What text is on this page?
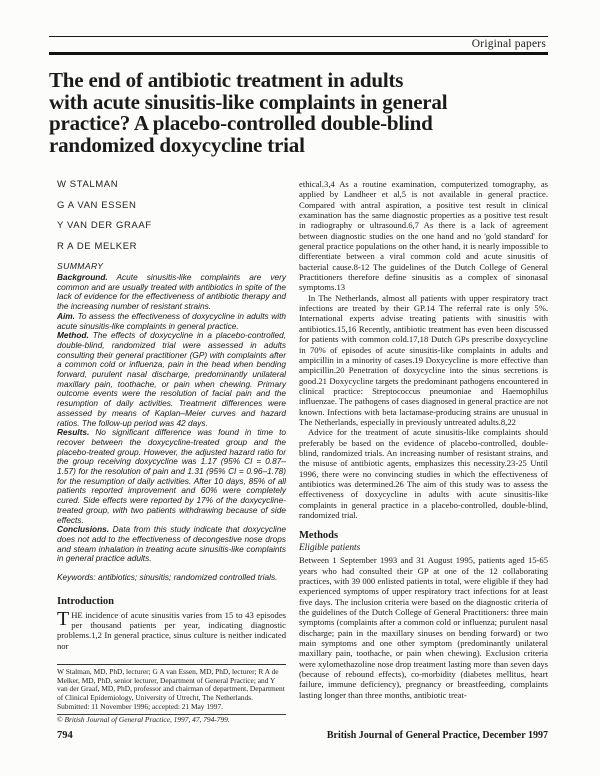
Original papers
The end of antibiotic treatment in adults
with acute sinusitis-like complaints in general
practice? A placebo-controlled double-blind
randomized doxycycline trial
W STALMAN
G A VAN ESSEN
Y VAN DER GRAAF
R A DE MELKER
SUMMARY

Background. Acute sinusitis-like complaints are very common and are usually treated with antibiotics in spite of the lack of evidence for the effectiveness of antibiotic therapy and the increasing number of resistant strains.

Aim. To assess the effectiveness of doxycycline in adults with acute sinusitis-like complaints in general practice.

Method. The effects of doxycycline in a placebo-controlled, double-blind, randomized trial were assessed in adults consulting their general practitioner (GP) with complaints after a common cold or influenza, pain in the head when bending forward, purulent nasal discharge, predominantly unilateral maxillary pain, toothache, or pain when chewing. Primary outcome events were the resolution of facial pain and the resumption of daily activities. Treatment differences were assessed by means of Kaplan–Meier curves and hazard ratios. The follow-up period was 42 days.

Results. No significant difference was found in time to recover between the doxycycline-treated group and the placebo-treated group. However, the adjusted hazard ratio for the group receiving doxycycline was 1.17 (95% CI = 0.87–1.57) for the resolution of pain and 1.31 (95% CI = 0.96–1.78) for the resumption of daily activities. After 10 days, 85% of all patients reported improvement and 60% were completely cured. Side effects were reported by 17% of the doxycycline-treated group, with two patients withdrawing because of side effects.

Conclusions. Data from this study indicate that doxycycline does not add to the effectiveness of decongestive nose drops and steam inhalation in treating acute sinusitis-like complaints in general practice adults.

Keywords: antibiotics; sinusitis; randomized controlled trials.

Introduction

THE incidence of acute sinusitis varies from 15 to 43 episodes per thousand patients per year, indicating diagnostic problems.1,2 In general practice, sinus culture is neither indicated nor

W Stalman, MD, PhD, lecturer; G A van Essen, MD, PhD, lecturer; R A de Melker, MD, PhD, senior lecturer, Department of General Practice; and Y van der Graaf, MD, PhD, professor and chairman of department, Department of Clinical Epidemiology, University of Utrecht, The Netherlands.

Submitted: 11 November 1996; accepted: 21 May 1997.

© British Journal of General Practice, 1997, 47, 794-799.

ethical.3,4 As a routine examination, computerized tomography, as applied by Landheer et al,5 is not available in general practice. Compared with antral aspiration, a positive test result in clinical examination has the same diagnostic properties as a positive test result in radiography or ultrasound.6,7 As there is a lack of agreement between diagnostic studies on the one hand and no 'gold standard' for general practice populations on the other hand, it is nearly impossible to differentiate between a viral common cold and acute sinusitis of bacterial cause.8-12 The guidelines of the Dutch College of General Practitioners therefore define sinusitis as a complex of sinonasal symptoms.13

In The Netherlands, almost all patients with upper respiratory tract infections are treated by their GP.14 The referral rate is only 5%. International experts advise treating patients with sinusitis with antibiotics.15,16 Recently, antibiotic treatment has even been discussed for patients with common cold.17,18 Dutch GPs prescribe doxycycline in 70% of episodes of acute sinusitis-like complaints in adults and ampicillin in a minority of cases.19 Doxycycline is more effective than ampicillin.20 Penetration of doxycycline into the sinus secretions is good.21 Doxycycline targets the predominant pathogens encountered in clinical practice: Streptococcus pneumoniae and Haemophilus influenzae. The pathogens of cases diagnosed in general practice are not known. Infections with beta lactamase-producing strains are unusual in The Netherlands, especially in previously untreated adults.8,22

Advice for the treatment of acute sinusitis-like complaints should preferably be based on the evidence of placebo-controlled, double-blind, randomized trials. An increasing number of resistant strains, and the misuse of antibiotic agents, emphasizes this necessity.23-25 Until 1996, there were no convincing studies in which the effectiveness of antibiotics was determined.26 The aim of this study was to assess the effectiveness of doxycycline in adults with acute sinusitis-like complaints in general practice in a placebo-controlled, double-blind, randomized trial.

Methods
Eligible patients

Between 1 September 1993 and 31 August 1995, patients aged 15-65 years who had consulted their GP at one of the 12 collaborating practices, with 39 000 enlisted patients in total, were eligible if they had experienced symptoms of upper respiratory tract infections for at least five days. The inclusion criteria were based on the diagnostic criteria of the guidelines of the Dutch College of General Practitioners: three main symptoms (complaints after a common cold or influenza; purulent nasal discharge; pain in the maxillary sinuses on bending forward) or two main symptoms and one other symptom (predominantly unilateral maxillary pain, toothache, or pain when chewing). Exclusion criteria were xylomethazoline nose drop treatment lasting more than seven days (because of rebound effects), co-morbidity (diabetes mellitus, heart failure, immune deficiency), pregnancy or breastfeeding, complaints lasting longer than three months, antibiotic treat-

794	British Journal of General Practice, December 1997
